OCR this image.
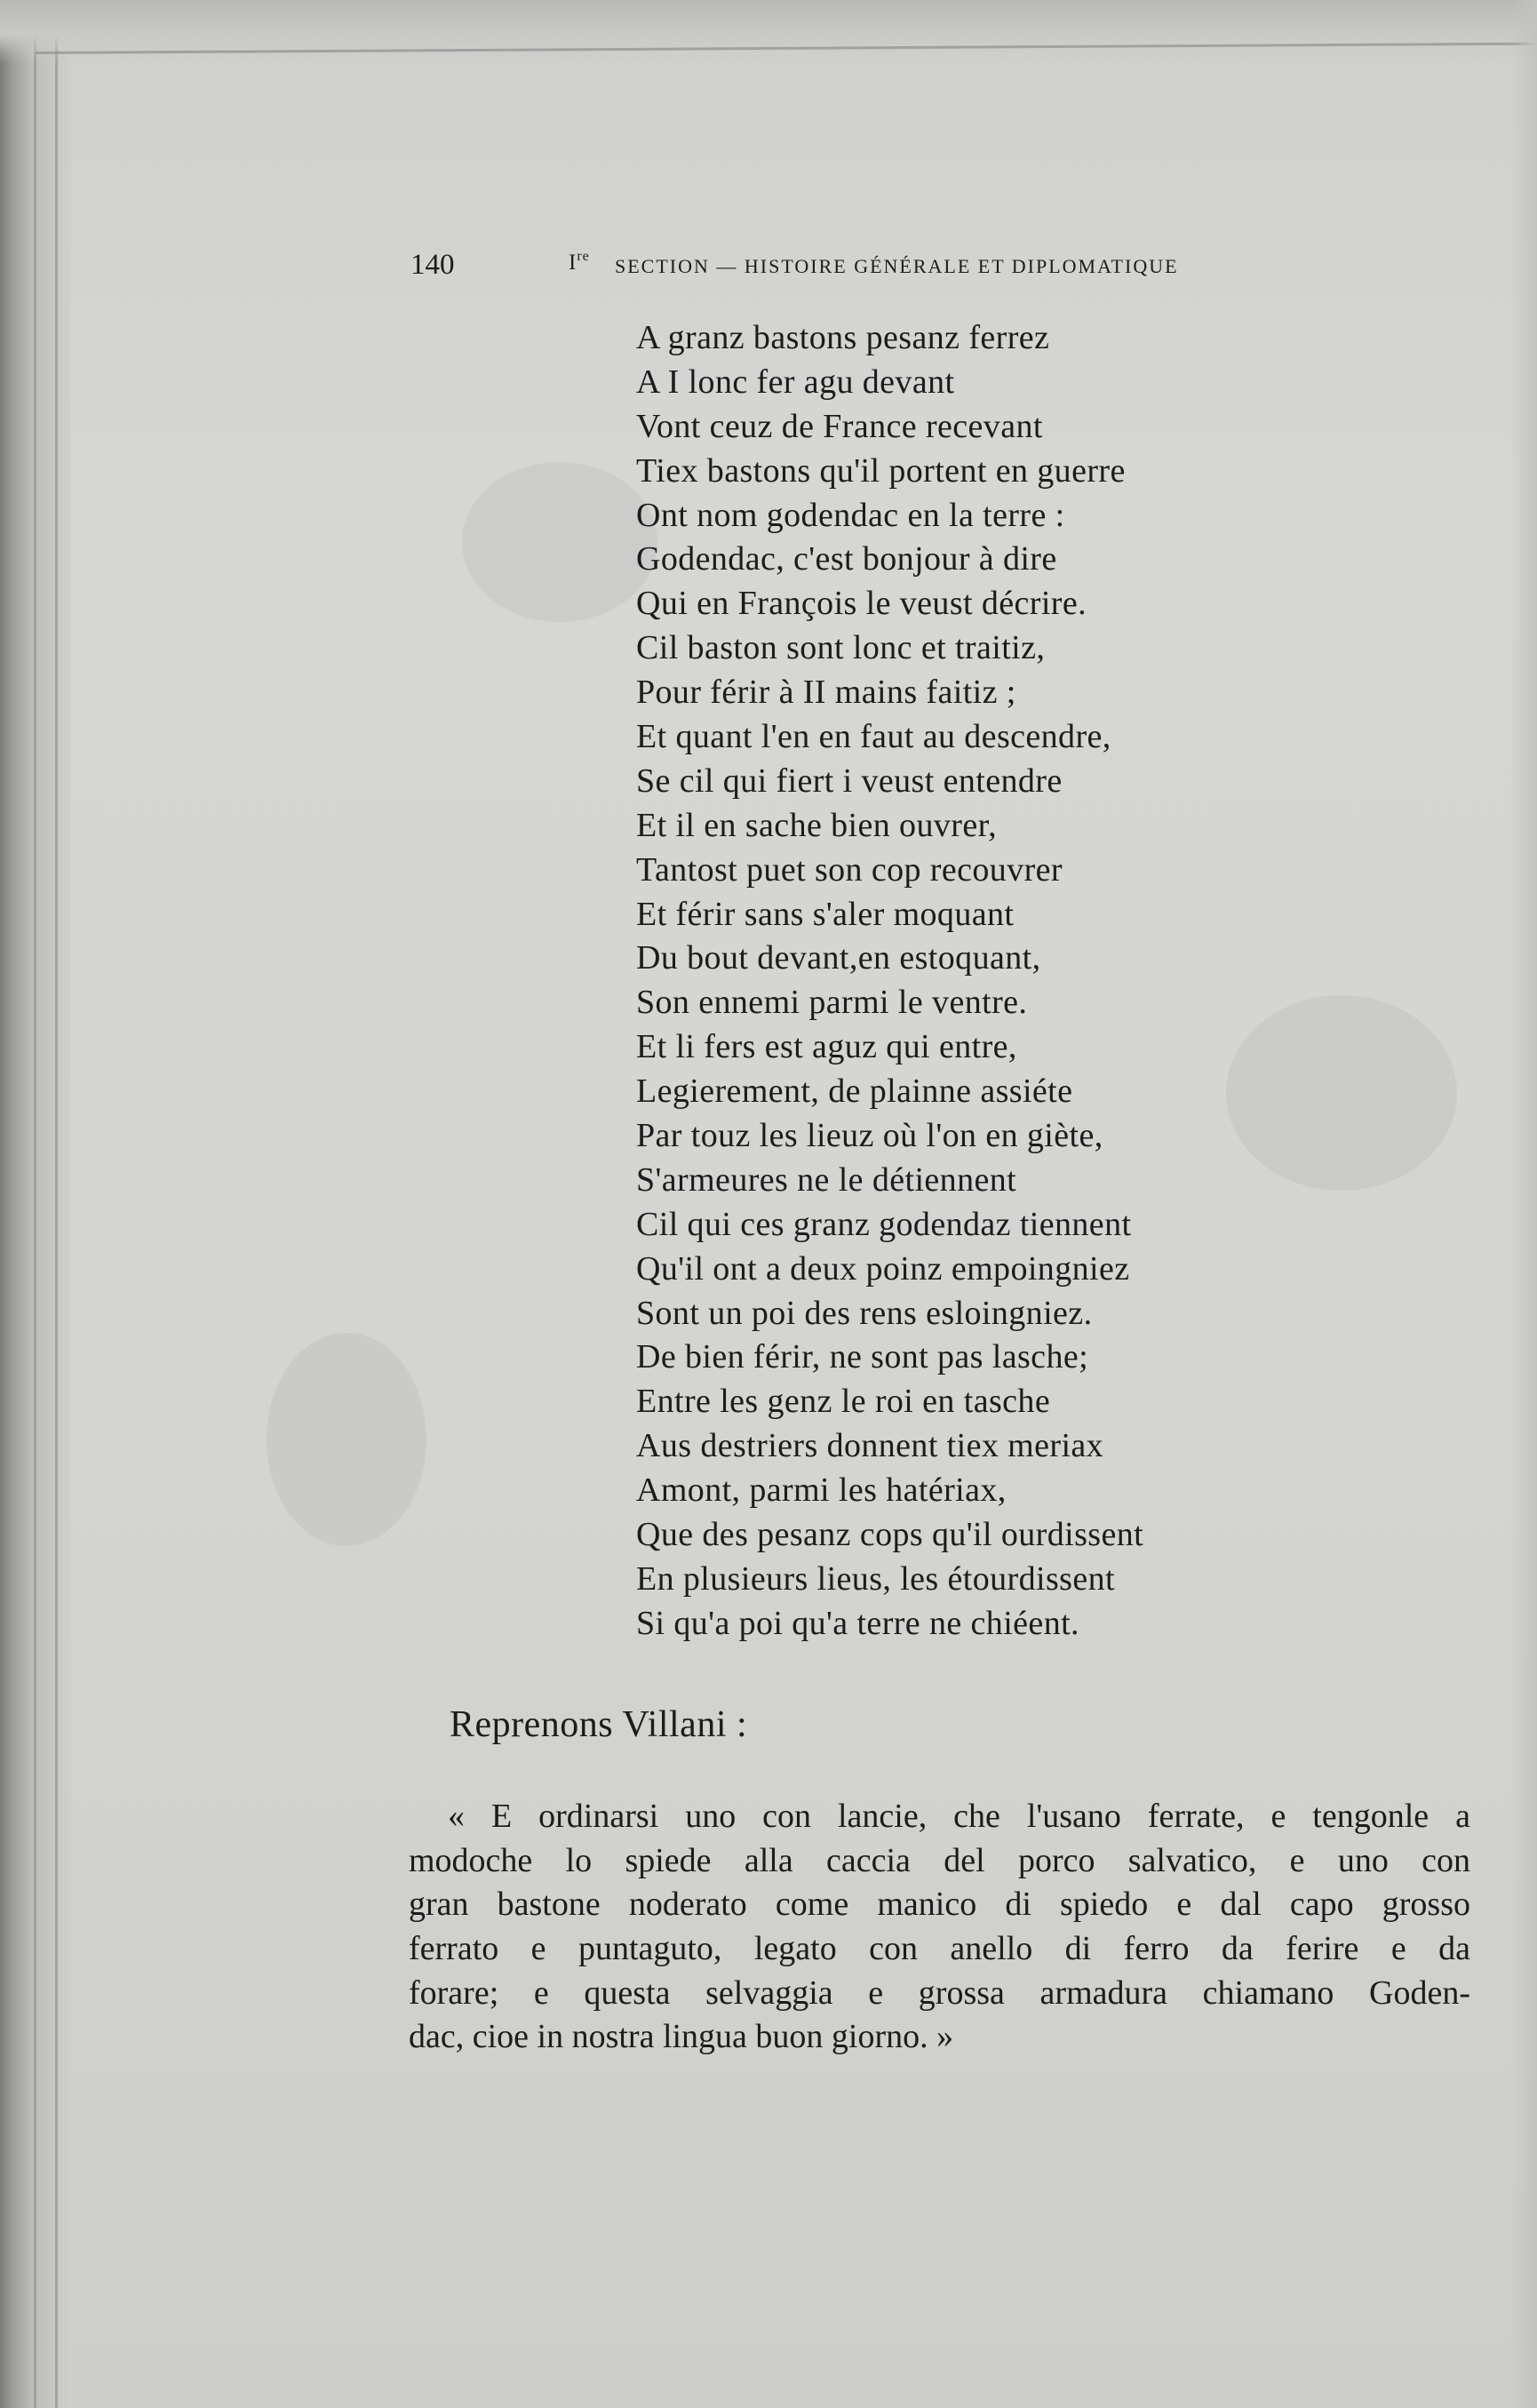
140	Ire SECTION — HISTOIRE GÉNÉRALE ET DIPLOMATIQUE
A granz bastons pesanz ferrez
A I lonc fer agu devant
Vont ceuz de France recevant
Tiex bastons qu'il portent en guerre
Ont nom godendac en la terre :
Godendac, c'est bonjour à dire
Qui en François le veust décrire.
Cil baston sont lonc et traitiz,
Pour férir à II mains faitiz ;
Et quant l'en en faut au descendre,
Se cil qui fiert i veust entendre
Et il en sache bien ouvrer,
Tantost puet son cop recouvrer
Et férir sans s'aler moquant
Du bout devant,en estoquant,
Son ennemi parmi le ventre.
Et li fers est aguz qui entre,
Legierement, de plainne assiéte
Par touz les lieuz où l'on en giète,
S'armeures ne le détiennent
Cil qui ces granz godendaz tiennent
Qu'il ont a deux poinz empoingniez
Sont un poi des rens esloingniez.
De bien férir, ne sont pas lasche;
Entre les genz le roi en tasche
Aus destriers donnent tiex meriax
Amont, parmi les hatériax,
Que des pesanz cops qu'il ourdissent
En plusieurs lieus, les étourdissent
Si qu'a poi qu'a terre ne chiéent.
Reprenons Villani :
« E ordinarsi uno con lancie, che l'usano ferrate, e tengonle a
modoche lo spiede alla caccia del porco salvatico, e uno con
gran bastone noderato come manico di spiedo e dal capo grosso
ferrato e puntaguto, legato con anello di ferro da ferire e da
forare; e questa selvaggia e grossa armadura chiamano Goden-
dac, cioe in nostra lingua buon giorno. »
